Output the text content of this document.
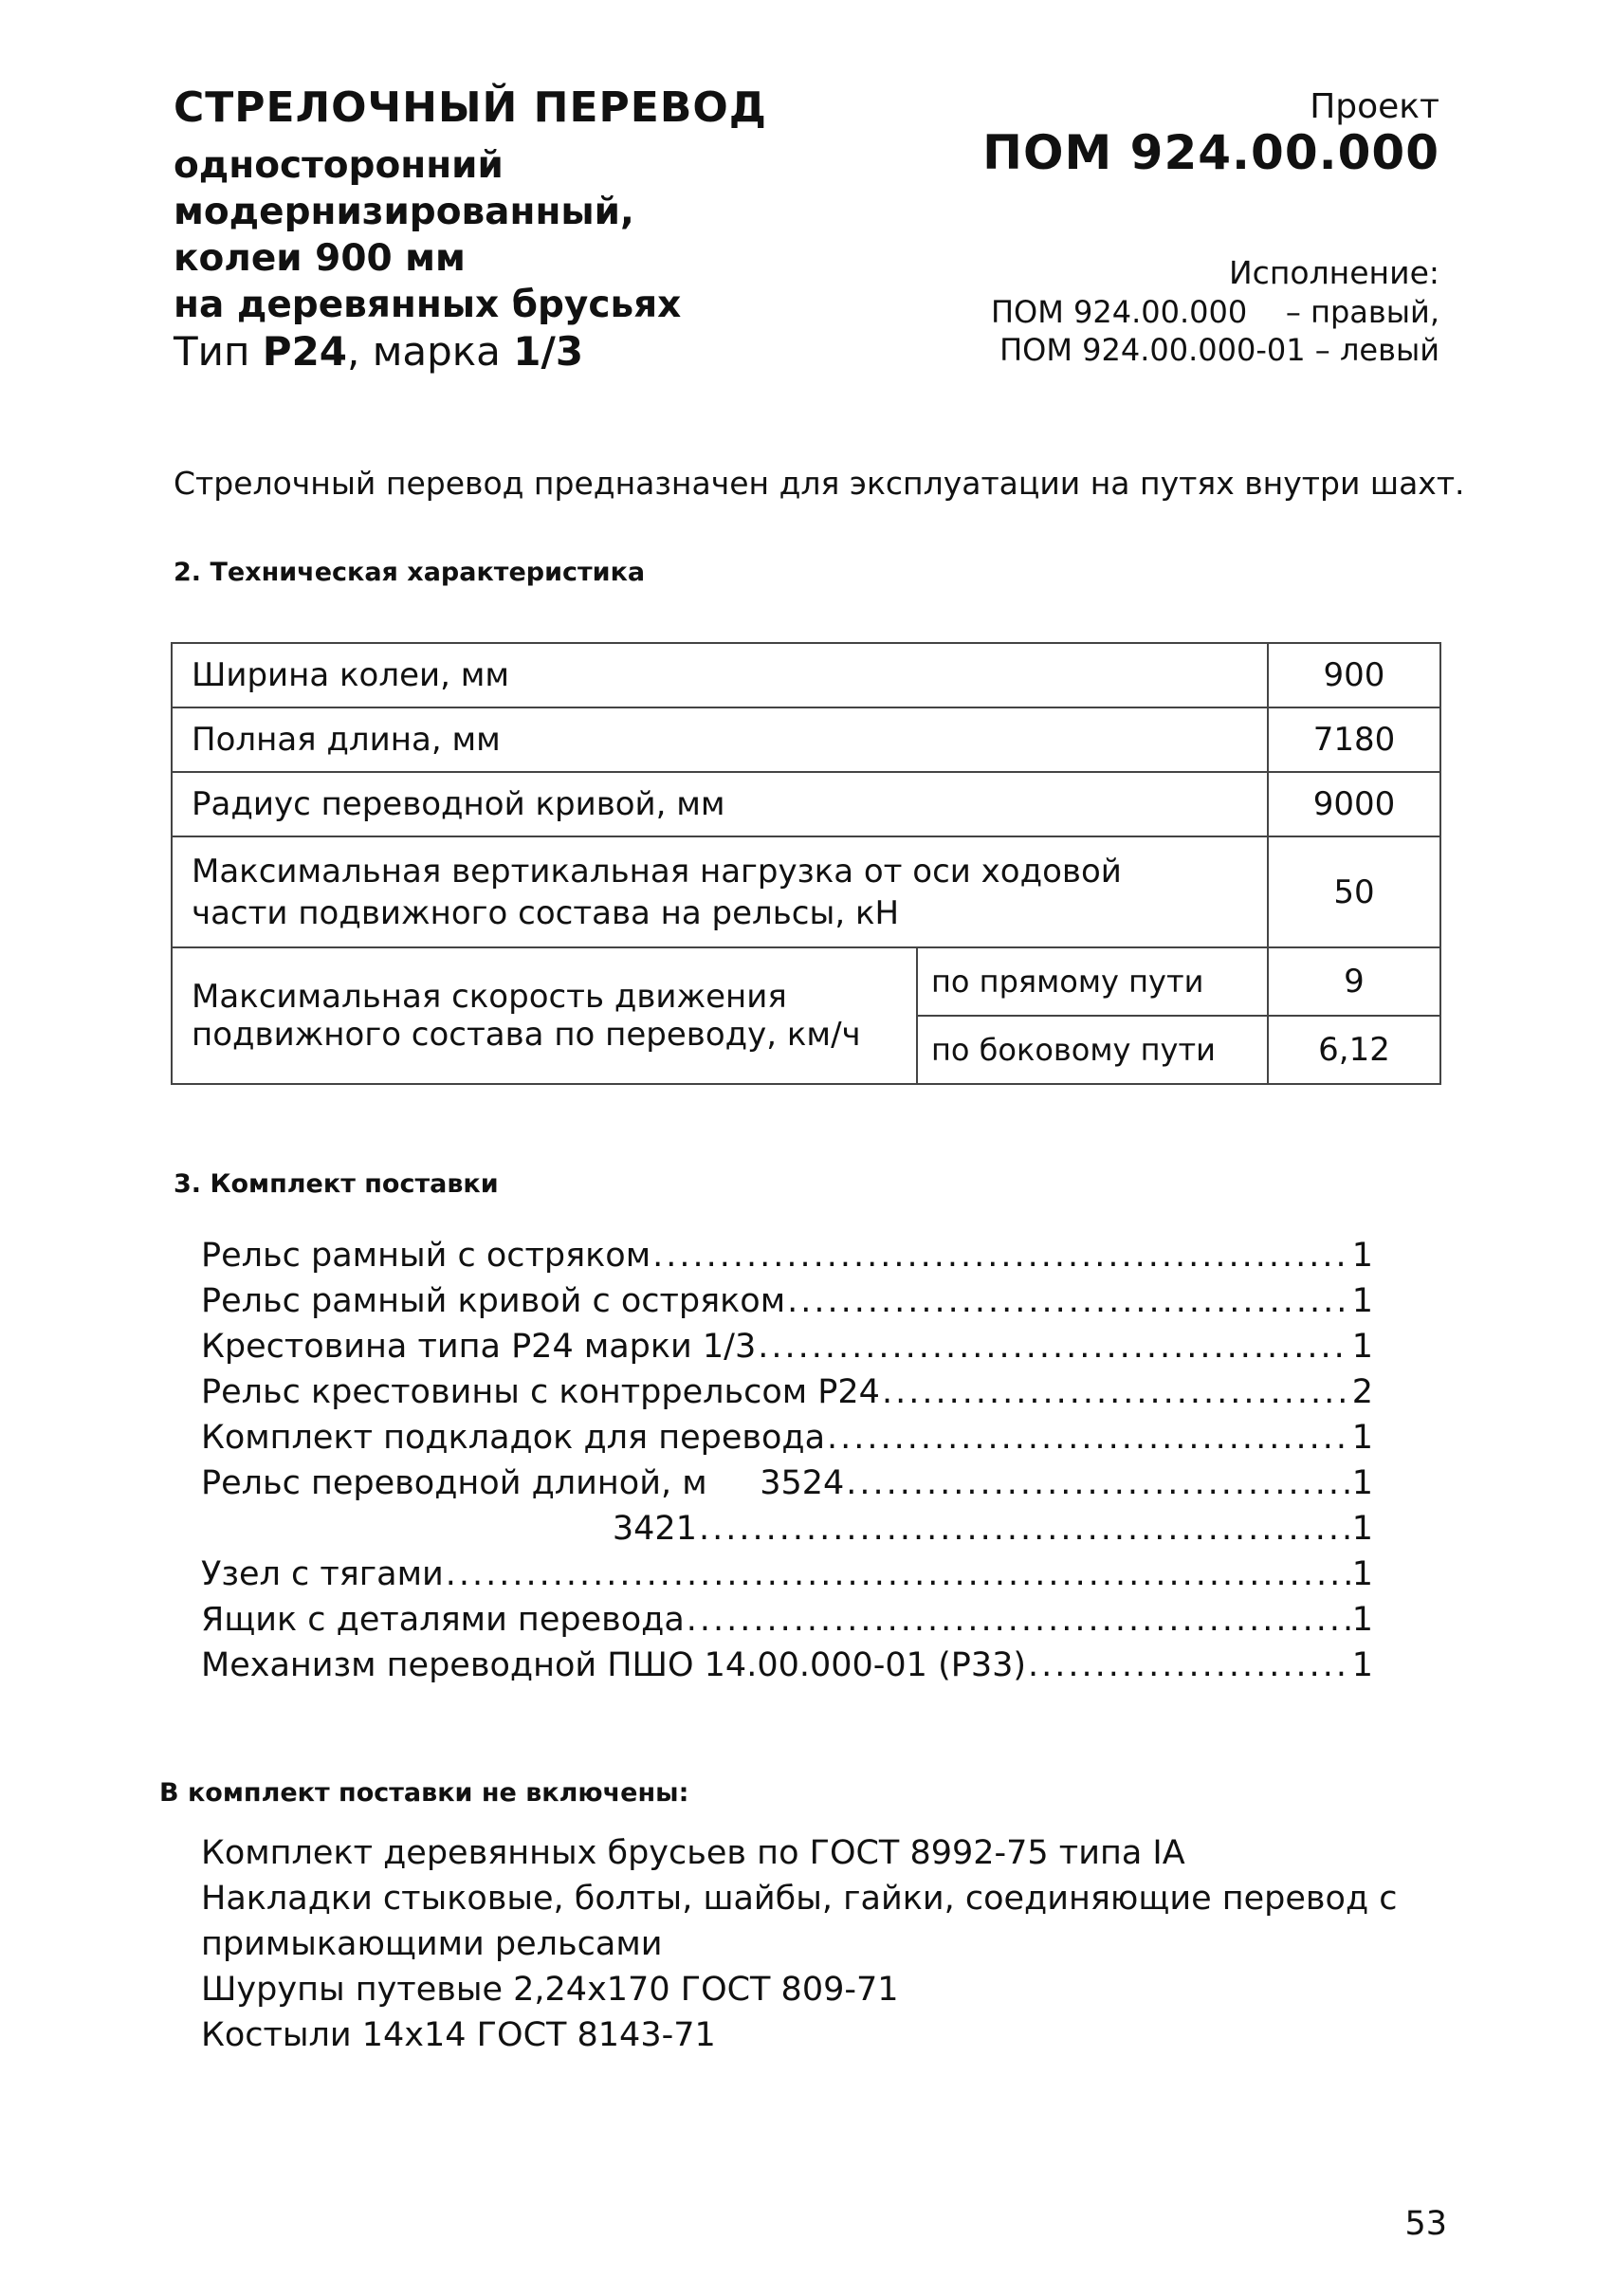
СТРЕЛОЧНЫЙ ПЕРЕВОД
односторонний
модернизированный,
колеи 900 мм
на деревянных брусьях
Тип Р24, марка 1/3
Проект
ПОМ 924.00.000
Исполнение:
ПОМ 924.00.000    – правый,
ПОМ 924.00.000-01 – левый
Стрелочный перевод предназначен для эксплуатации на путях внутри шахт.
2. Техническая характеристика
Ширина колеи, мм		900
Полная длина, мм		7180
Радиус переводной кривой, мм		9000

Максимальная вертикальная нагрузка от оси ходовой
части подвижного состава на рельсы, кН		50

Максимальная скорость движения
подвижного состава по переводу, км/ч	по прямому пути	9
	по боковому пути	6,12
3. Комплект поставки
Рельс рамный с остряком .....	1
Рельс рамный кривой с остряком .....	1
Крестовина типа Р24 марки 1/3 .....	1
Рельс крестовины с контррельсом Р24 .....	2
Комплект подкладок для перевода .....	1
Рельс переводной длиной, м     3524 .....	1
3421 .....	1
Узел с тягами .....	1
Ящик с деталями перевода .....	1
Механизм переводной ПШО 14.00.000-01 (Р33) .....	1
В комплект поставки не включены:
Комплект деревянных брусьев по ГОСТ 8992-75 типа IA
Накладки стыковые, болты, шайбы, гайки, соединяющие перевод с
примыкающими рельсами
Шурупы путевые 2,24х170 ГОСТ 809-71
Костыли 14х14 ГОСТ 8143-71
53
